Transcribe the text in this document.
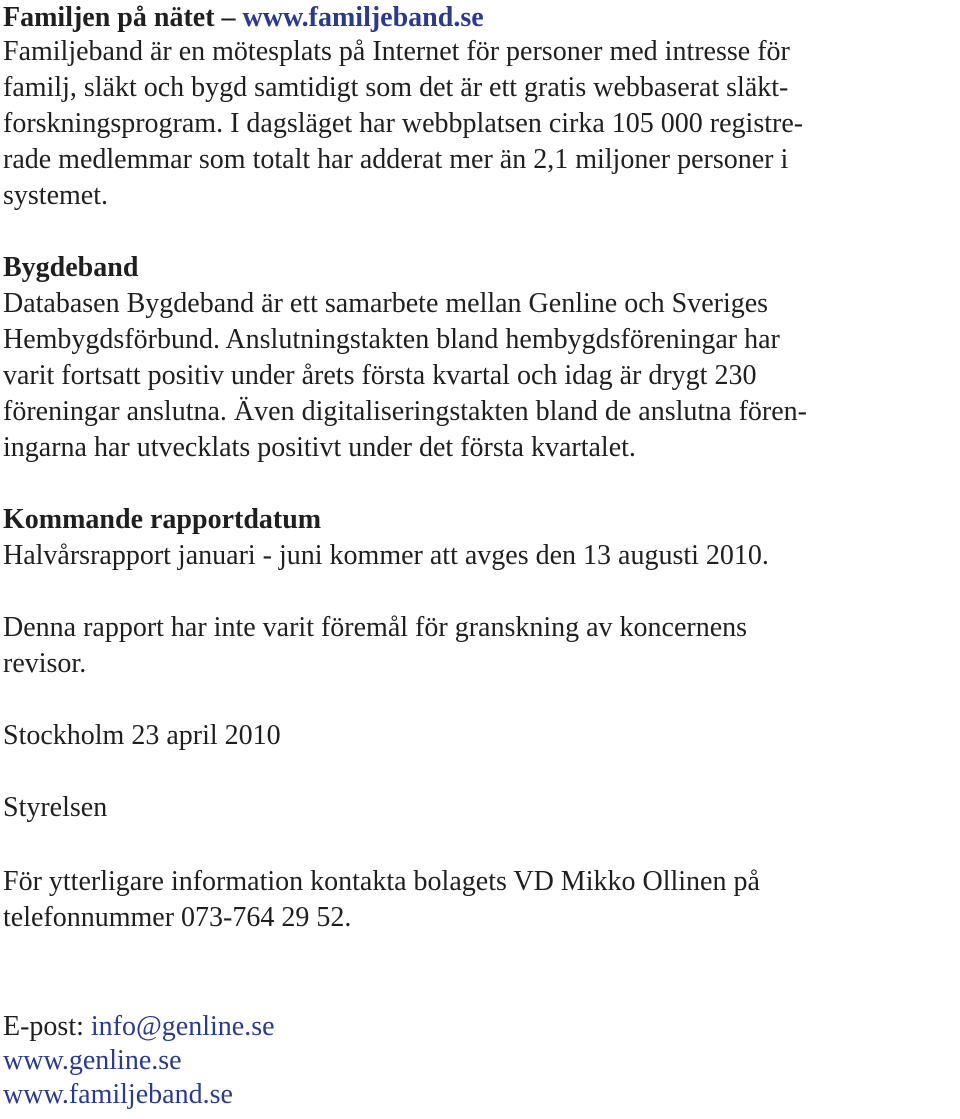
Familjen på nätet – www.familjeband.se
Familjeband är en mötesplats på Internet för personer med intresse för
familj, släkt och bygd samtidigt som det är ett gratis webbaserat släkt-
forskningsprogram. I dagsläget har webbplatsen cirka 105 000 registre-
rade medlemmar som totalt har adderat mer än 2,1 miljoner personer i
systemet.
Bygdeband
Databasen Bygdeband är ett samarbete mellan Genline och Sveriges
Hembygdsförbund. Anslutningstakten bland hembygdsföreningar har
varit fortsatt positiv under årets första kvartal och idag är drygt 230
föreningar anslutna. Även digitaliseringstakten bland de anslutna fören-
ingarna har utvecklats positivt under det första kvartalet.
Kommande rapportdatum
Halvårsrapport januari - juni kommer att avges den 13 augusti 2010.
Denna rapport har inte varit föremål för granskning av koncernens
revisor.
Stockholm 23 april 2010
Styrelsen
För ytterligare information kontakta bolagets VD Mikko Ollinen på
telefonnummer 073-764 29 52.
E-post: info@genline.se
www.genline.se
www.familjeband.se
